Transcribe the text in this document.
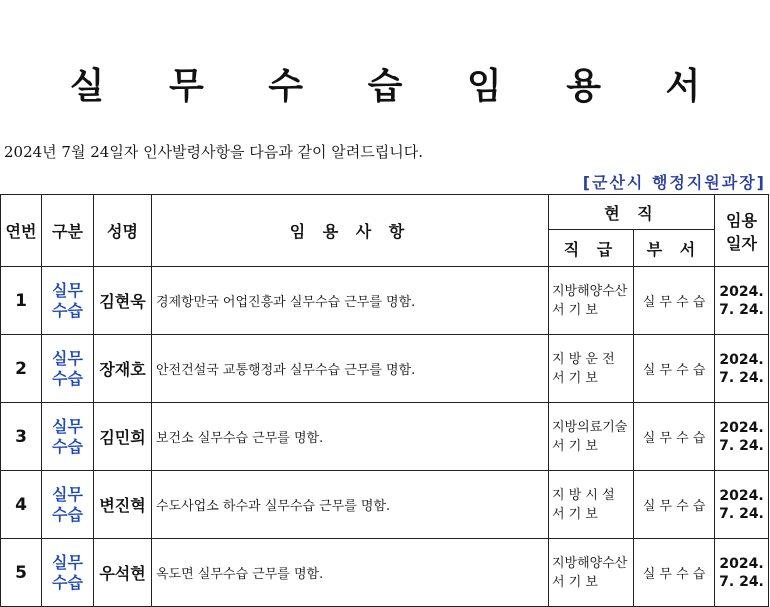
실 무 수 습 임 용 서
2024년 7월 24일자 인사발령사항을 다음과 같이 알려드립니다.
[군산시 행정지원과장]
연번	구분	성명	임 용 사 항	현 직		임용
일자

				직 급	부 서	
1	실무
수습	김현욱	경제항만국 어업진흥과 실무수습 근무를 명함.	지방해양수산
서 기 보	실 무 수 습	2024.
7. 24.

2	실무
수습	장재호	안전건설국 교통행정과 실무수습 근무를 명함.	지 방 운 전
서 기 보	실 무 수 습	2024.
7. 24.

3	실무
수습	김민희	보건소 실무수습 근무를 명함.	지방의료기술
서 기 보	실 무 수 습	2024.
7. 24.

4	실무
수습	변진혁	수도사업소 하수과 실무수습 근무를 명함.	지 방 시 설
서 기 보	실 무 수 습	2024.
7. 24.

5	실무
수습	우석현	옥도면 실무수습 근무를 명함.	지방해양수산
서 기 보	실 무 수 습	2024.
7. 24.
